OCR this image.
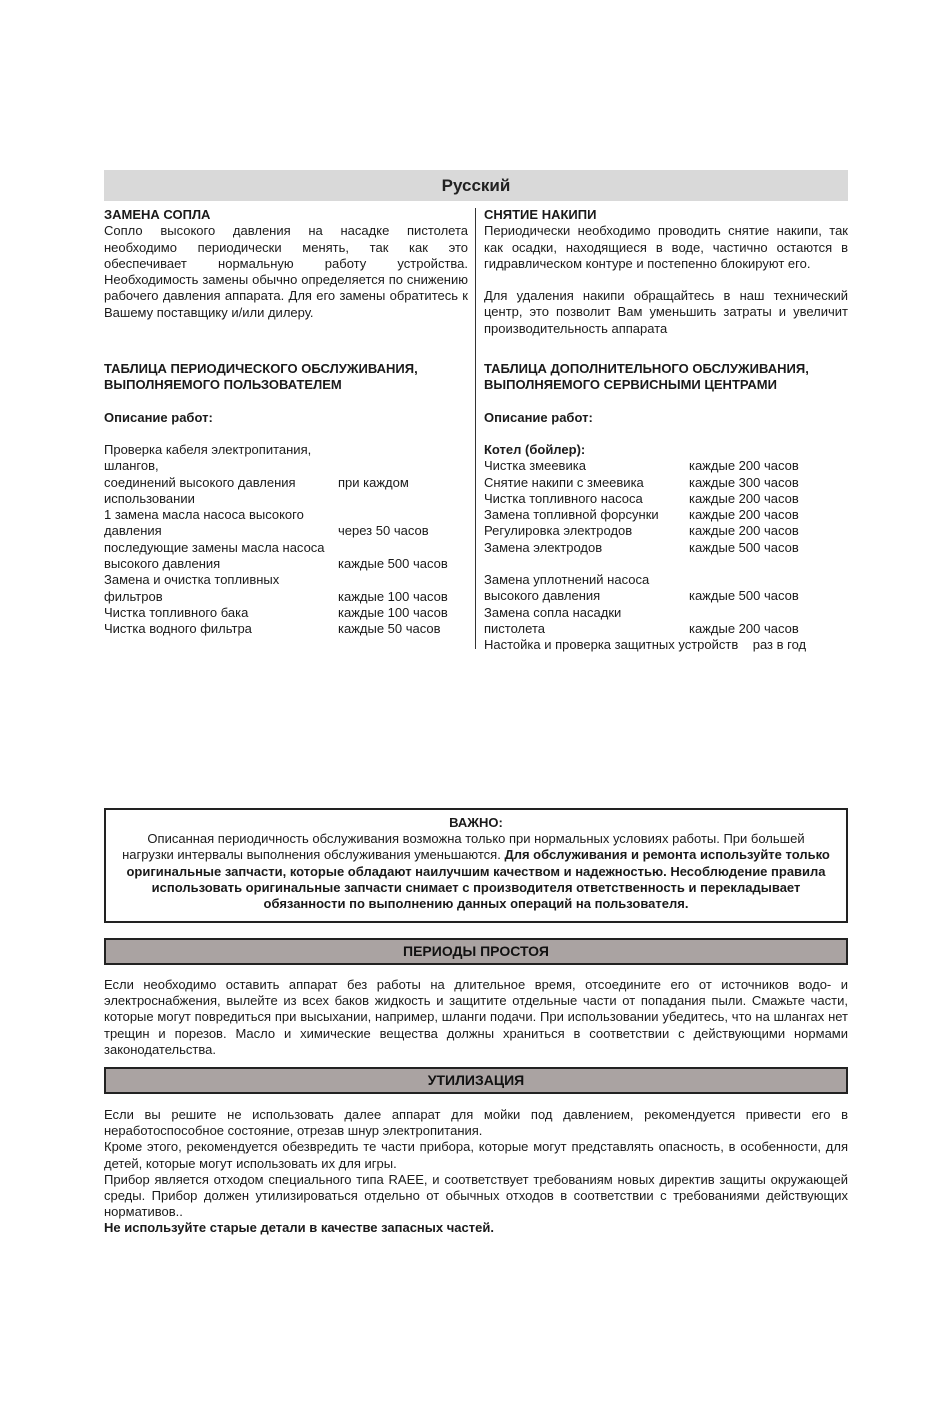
Русский
ЗАМЕНА СОПЛА
Сопло высокого давления на насадке пистолета необходимо периодически менять, так как это обеспечивает нормальную работу устройства. Необходимость замены обычно определяется по снижению рабочего давления аппарата. Для его замены обратитесь к Вашему поставщику и/или дилеру.
ТАБЛИЦА ПЕРИОДИЧЕСКОГО ОБСЛУЖИВАНИЯ,
ВЫПОЛНЯЕМОГО ПОЛЬЗОВАТЕЛЕМ
Описание работ:
Проверка кабеля электропитания, шлангов,
соединений высокого давления	при каждом
использовании
1 замена масла насоса высокого
давления	через 50 часов
последующие замены масла насоса
высокого давления	каждые 500 часов
Замена и очистка топливных
фильтров	каждые 100 часов
Чистка топливного бака	каждые 100 часов
Чистка водного фильтра	каждые 50 часов
СНЯТИЕ НАКИПИ
Периодически необходимо проводить снятие накипи, так как осадки, находящиеся в воде, частично остаются в гидравлическом контуре и постепенно блокируют его.
Для удаления накипи обращайтесь в наш технический центр, это позволит Вам уменьшить затраты и увеличит производительность аппарата
ТАБЛИЦА ДОПОЛНИТЕЛЬНОГО ОБСЛУЖИВАНИЯ,
ВЫПОЛНЯЕМОГО СЕРВИСНЫМИ ЦЕНТРАМИ
Описание работ:
Котел (бойлер):
Чистка змеевика	каждые 200 часов
Снятие накипи с змеевика	каждые 300 часов
Чистка топливного насоса	каждые 200 часов
Замена топливной форсунки	каждые 200 часов
Регулировка электродов	каждые 200 часов
Замена электродов	каждые 500 часов
Замена уплотнений насоса
высокого давления	каждые 500 часов
Замена сопла насадки
пистолета	каждые 200 часов
Настойка и проверка защитных устройств    раз в год
ВАЖНО:
Описанная периодичность обслуживания возможна только при нормальных условиях работы. При большей нагрузки интервалы выполнения обслуживания уменьшаются. Для обслуживания и ремонта используйте только оригинальные запчасти, которые обладают наилучшим качеством и надежностью. Несоблюдение правила использовать оригинальные запчасти снимает с производителя ответственность и перекладывает обязанности по выполнению данных операций на пользователя.
ПЕРИОДЫ ПРОСТОЯ
Если необходимо оставить аппарат без работы на длительное время, отсоедините его от источников водо- и электроснабжения, вылейте из всех баков жидкость и защитите отдельные части от попадания пыли. Смажьте части, которые могут повредиться при высыхании, например, шланги подачи. При использовании убедитесь, что на шлангах нет трещин и порезов. Масло и химические вещества должны храниться в соответствии с действующими нормами законодательства.
УТИЛИЗАЦИЯ
Если вы решите не использовать далее аппарат для мойки под давлением, рекомендуется привести его в неработоспособное состояние, отрезав шнур электропитания.
Кроме этого, рекомендуется обезвредить те части прибора, которые могут представлять опасность, в особенности, для детей, которые могут использовать их для игры.
Прибор является отходом специального типа RAEE, и соответствует требованиям новых директив защиты окружающей среды. Прибор должен утилизироваться отдельно от обычных отходов в соответствии с требованиями действующих нормативов..
Не используйте старые детали в качестве запасных частей.
